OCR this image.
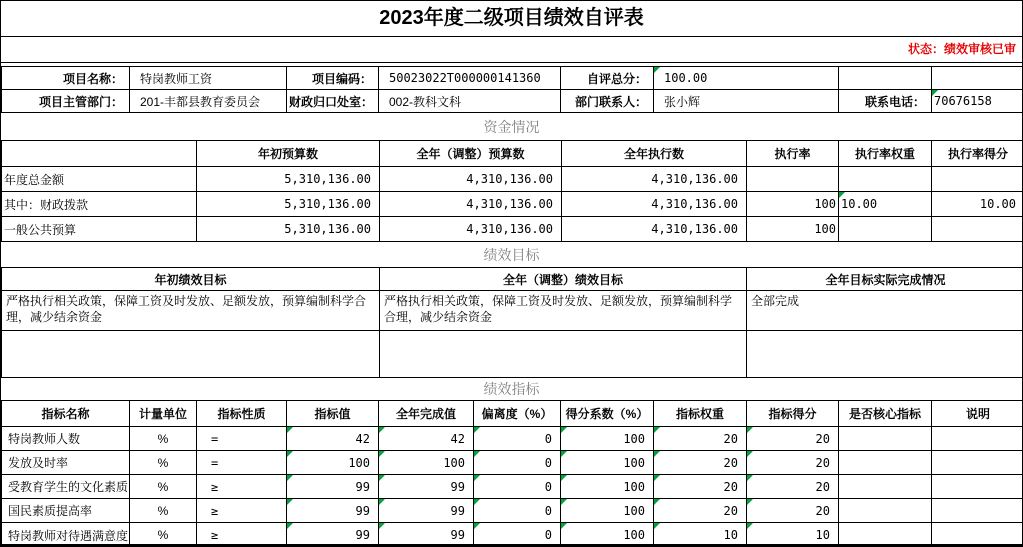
2023年度二级项目绩效自评表
状态：绩效审核已审
项目名称：	特岗教师工资	项目编码：	50023022T000000141360	自评总分：	100.00		
项目主管部门：	201-丰都县教育委员会	财政归口处室：	002-教科文科	部门联系人：	张小辉	联系电话：	70676158
资金情况
	年初预算数	全年（调整）预算数	全年执行数	执行率	执行率权重	执行率得分
年度总金额	5,310,136.00	4,310,136.00	4,310,136.00			
其中：财政拨款	5,310,136.00	4,310,136.00	4,310,136.00	100	10.00	10.00
一般公共预算	5,310,136.00	4,310,136.00	4,310,136.00	100		
绩效目标
年初绩效目标	全年（调整）绩效目标	全年目标实际完成情况
严格执行相关政策，保障工资及时发放、足额发放，预算编制科学合理，减少结余资金	严格执行相关政策，保障工资及时发放、足额发放，预算编制科学合理，减少结余资金	全部完成

绩效指标
指标名称	计量单位	指标性质	指标值	全年完成值	偏离度（%）	得分系数（%）	指标权重	指标得分	是否核心指标	说明
特岗教师人数	%	=	42	42	0	100	20	20		
发放及时率	%	=	100	100	0	100	20	20		
受教育学生的文化素质	%	≥	99	99	0	100	20	20		
国民素质提高率	%	≥	99	99	0	100	20	20		
特岗教师对待遇满意度	%	≥	99	99	0	100	10	10		
